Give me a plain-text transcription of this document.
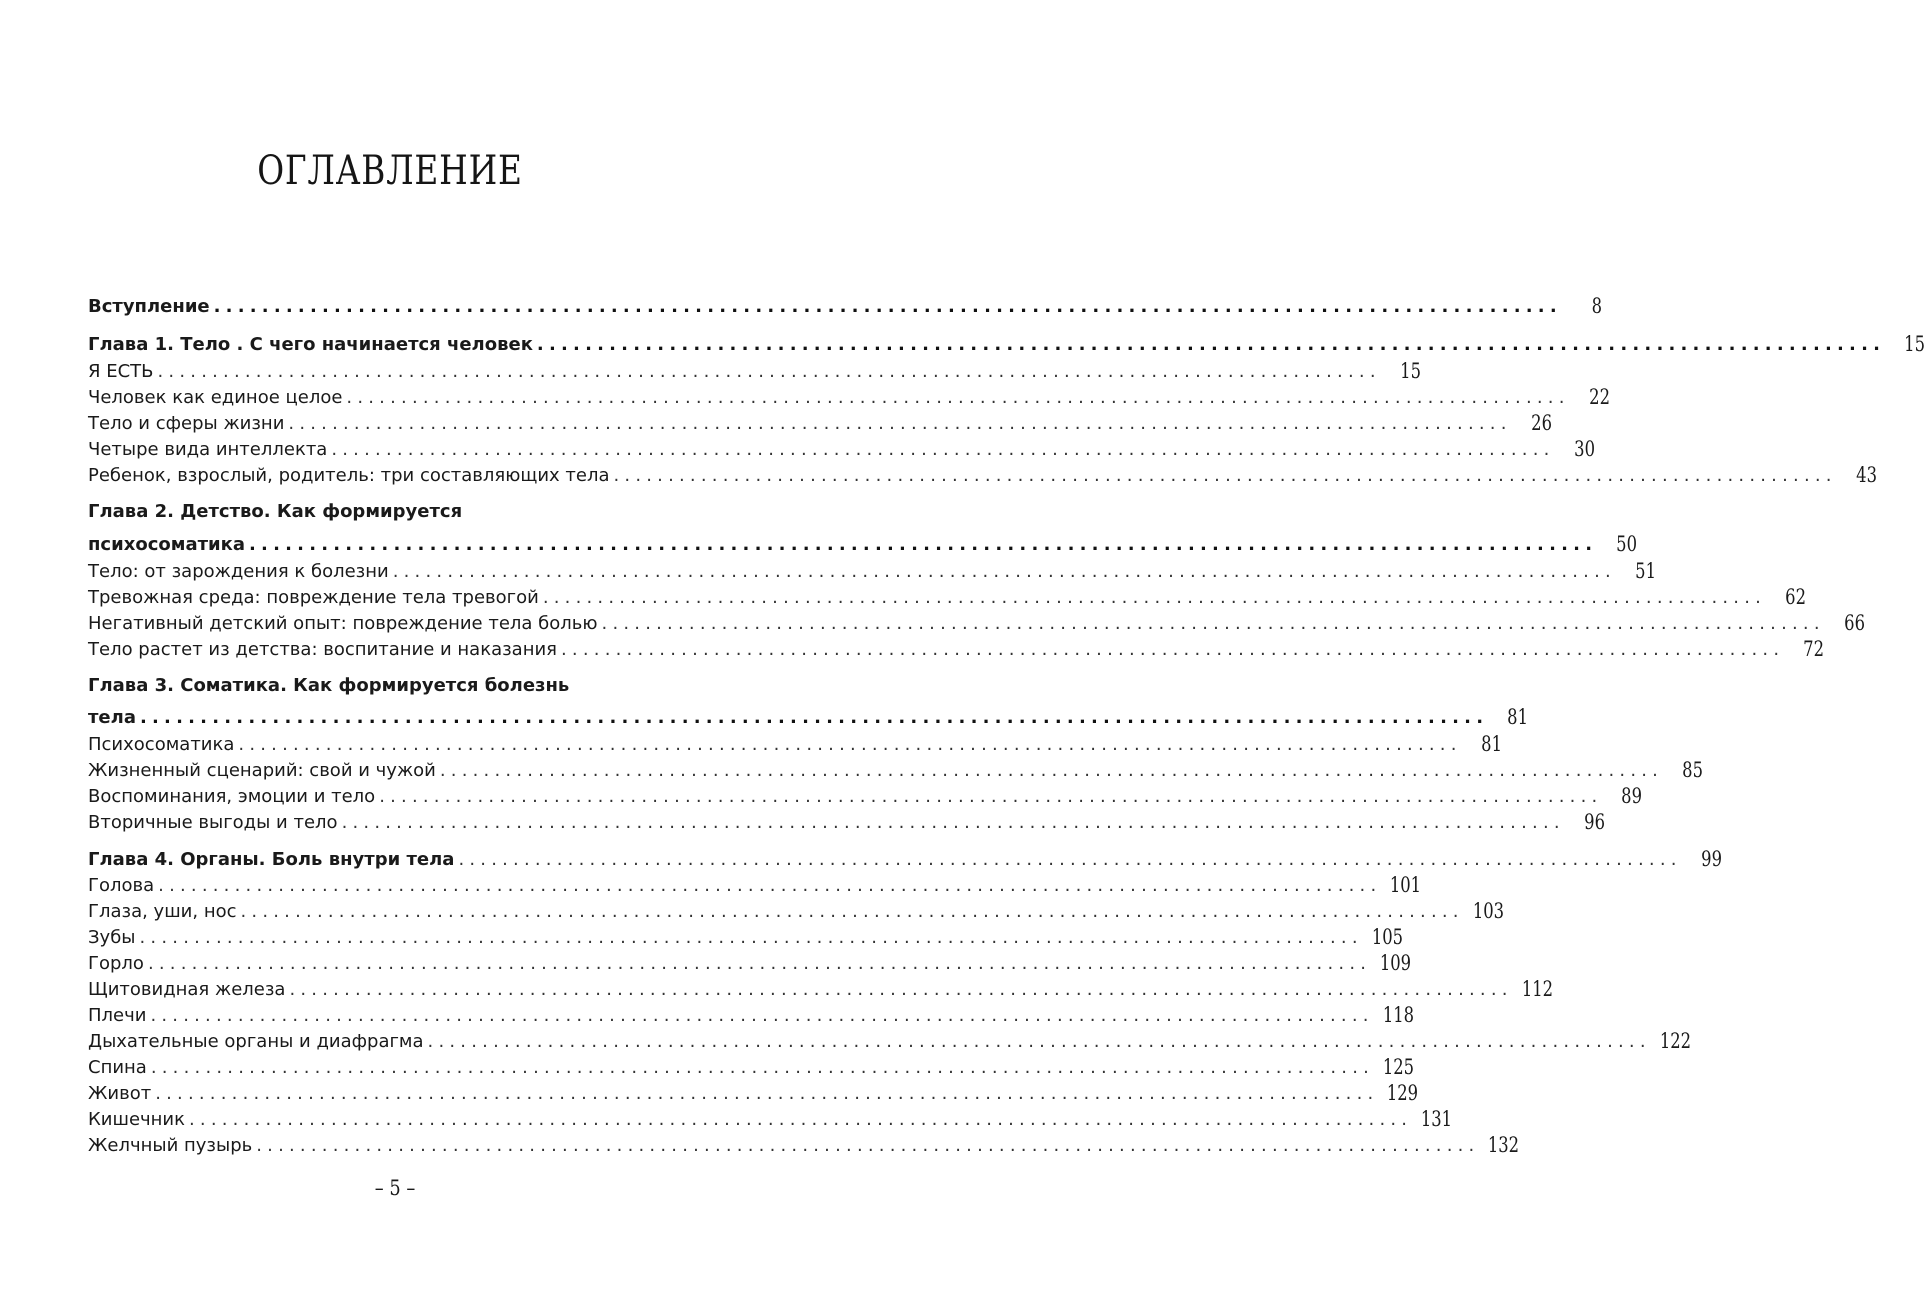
ОГЛАВЛЕНИЕ
Вступление ................................................................................................................	8
Глава 1. Тело . С чего начинается человек ................................................................................................................ 15
Я ЕСТЬ ................................................................................................................ 15
Человек как единое целое ................................................................................................................ 22
Тело и сферы жизни ................................................................................................................ 26
Четыре вида интеллекта ................................................................................................................ 30
Ребенок, взрослый, родитель: три составляющих тела ................................................................................................................ 43
Глава 2. Детство. Как формируется
психосоматика ................................................................................................................ 50
Тело: от зарождения к болезни ................................................................................................................ 51
Тревожная среда: повреждение тела тревогой ................................................................................................................ 62
Негативный детский опыт: повреждение тела болью ................................................................................................................ 66
Тело растет из детства: воспитание и наказания ................................................................................................................ 72
Глава 3. Соматика. Как формируется болезнь
тела ................................................................................................................ 81
Психосоматика ................................................................................................................ 81
Жизненный сценарий: свой и чужой ................................................................................................................ 85
Воспоминания, эмоции и тело ................................................................................................................ 89
Вторичные выгоды и тело ................................................................................................................ 96
Глава 4. Органы. Боль внутри тела ................................................................................................................ 99
Голова ................................................................................................................ 101
Глаза, уши, нос ................................................................................................................ 103
Зубы ................................................................................................................ 105
Горло ................................................................................................................ 109
Щитовидная железа ................................................................................................................ 112
Плечи ................................................................................................................ 118
Дыхательные органы и диафрагма ................................................................................................................ 122
Спина ................................................................................................................ 125
Живот ................................................................................................................ 129
Кишечник ................................................................................................................ 131
Желчный пузырь ................................................................................................................ 132
– 5 –
